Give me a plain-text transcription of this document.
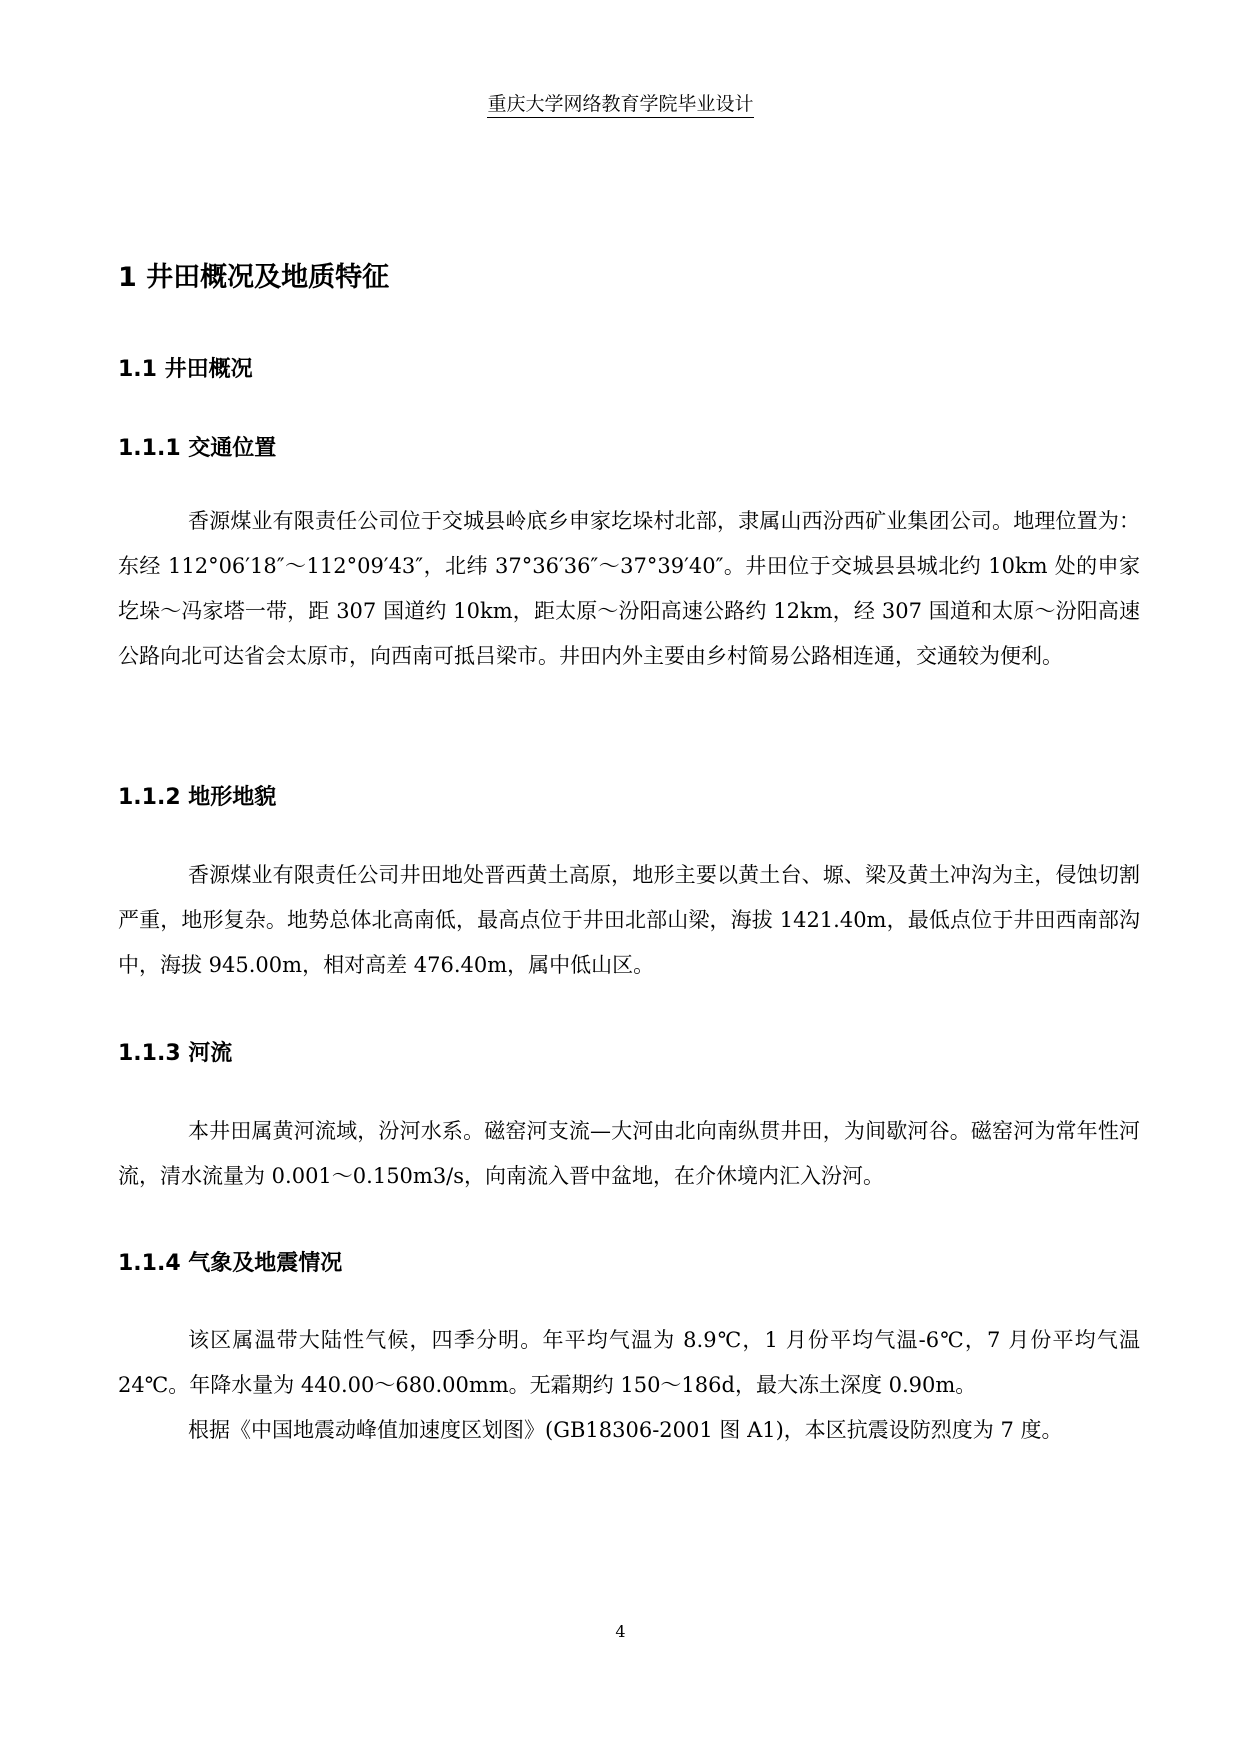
重庆大学网络教育学院毕业设计
1 井田概况及地质特征
1.1 井田概况
1.1.1 交通位置

香源煤业有限责任公司位于交城县岭底乡申家圪垛村北部，隶属山西汾西矿业集团公司。地理位置为：东经 112°06′18″～112°09′43″，北纬 37°36′36″～37°39′40″。井田位于交城县县城北约 10km 处的申家圪垛～冯家塔一带，距 307 国道约 10km，距太原～汾阳高速公路约 12km，经 307 国道和太原～汾阳高速公路向北可达省会太原市，向西南可抵吕梁市。井田内外主要由乡村简易公路相连通，交通较为便利。

1.1.2 地形地貌

香源煤业有限责任公司井田地处晋西黄土高原，地形主要以黄土台、塬、梁及黄土冲沟为主，侵蚀切割严重，地形复杂。地势总体北高南低，最高点位于井田北部山梁，海拔 1421.40m，最低点位于井田西南部沟中，海拔 945.00m，相对高差 476.40m，属中低山区。

1.1.3 河流

本井田属黄河流域，汾河水系。磁窑河支流—大河由北向南纵贯井田，为间歇河谷。磁窑河为常年性河流，清水流量为 0.001～0.150m3/s，向南流入晋中盆地，在介休境内汇入汾河。

1.1.4 气象及地震情况

该区属温带大陆性气候，四季分明。年平均气温为 8.9℃，1 月份平均气温-6℃，7 月份平均气温 24℃。年降水量为 440.00～680.00mm。无霜期约 150～186d，最大冻土深度 0.90m。

根据《中国地震动峰值加速度区划图》(GB18306-2001 图 A1)，本区抗震设防烈度为 7 度。
4
